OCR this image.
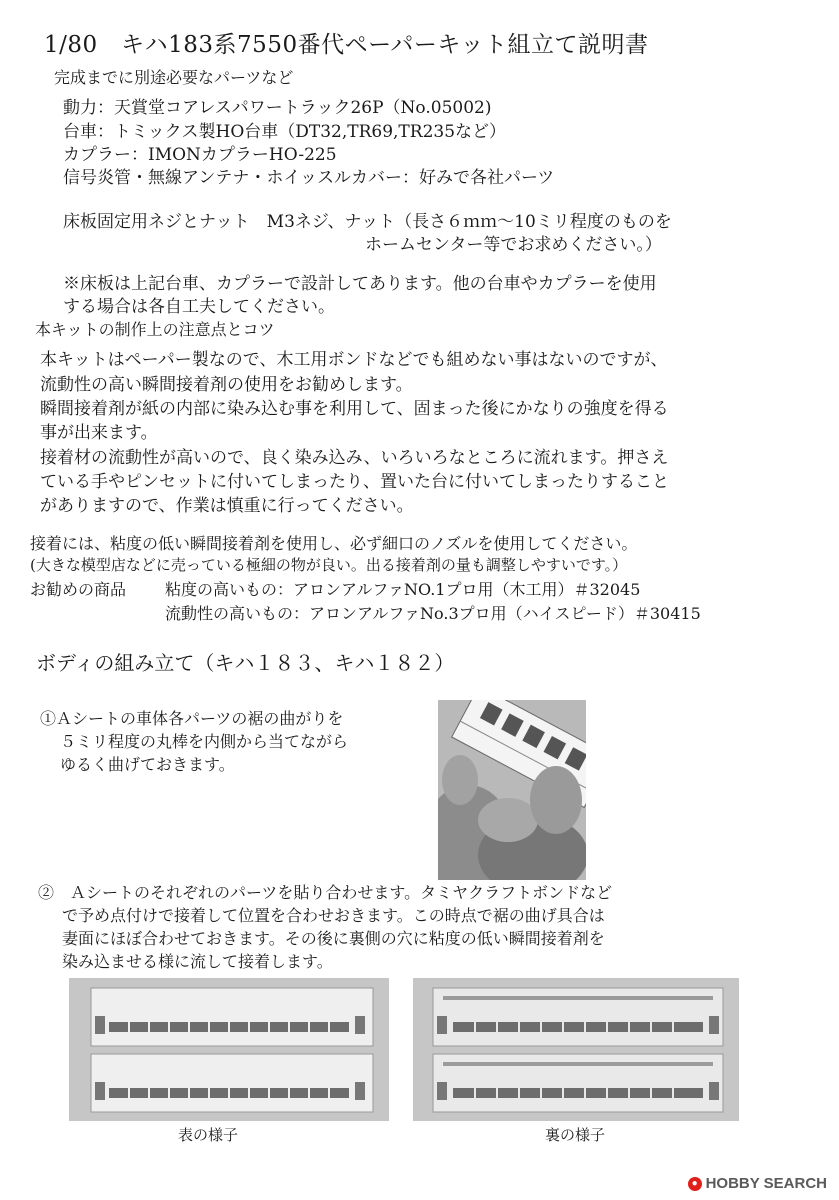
1/80　キハ183系7550番代ペーパーキット組立て説明書
完成までに別途必要なパーツなど
動力：天賞堂コアレスパワートラック26P（No.05002)
台車：トミックス製HO台車（DT32,TR69,TR235など）
カプラー：IMONカプラーHO-225
信号炎管・無線アンテナ・ホイッスルカバー：好みで各社パーツ
床板固定用ネジとナット　M3ネジ、ナット（長さ６ｍｍ～10ミリ程度のものを
ホームセンター等でお求めください。）
※床板は上記台車、カプラーで設計してあります。他の台車やカプラーを使用
する場合は各自工夫してください。
本キットの制作上の注意点とコツ
本キットはペーパー製なので、木工用ボンドなどでも組めない事はないのですが、
流動性の高い瞬間接着剤の使用をお勧めします。
瞬間接着剤が紙の内部に染み込む事を利用して、固まった後にかなりの強度を得る
事が出来ます。
接着材の流動性が高いので、良く染み込み、いろいろなところに流れます。押さえ
ている手やピンセットに付いてしまったり、置いた台に付いてしまったりすること
がありますので、作業は慎重に行ってください。
接着には、粘度の低い瞬間接着剤を使用し、必ず細口のノズルを使用してください。
(大きな模型店などに売っている極細の物が良い。出る接着剤の量も調整しやすいです。）
お勧めの商品 粘度の高いもの：アロンアルファNO.1プロ用（木工用）＃32045
流動性の高いもの：アロンアルファNo.3プロ用（ハイスピード）＃30415
ボディの組み立て（キハ１８３、キハ１８２）
①Ａシートの車体各パーツの裾の曲がりを
５ミリ程度の丸棒を内側から当てながら
ゆるく曲げておきます。
②　Ａシートのそれぞれのパーツを貼り合わせます。タミヤクラフトボンドなど
で予め点付けで接着して位置を合わせおきます。この時点で裾の曲げ具合は
妻面にほぼ合わせておきます。その後に裏側の穴に粘度の低い瞬間接着剤を
染み込ませる様に流して接着します。
表の様子	裏の様子
● HOBBY SEARCH
